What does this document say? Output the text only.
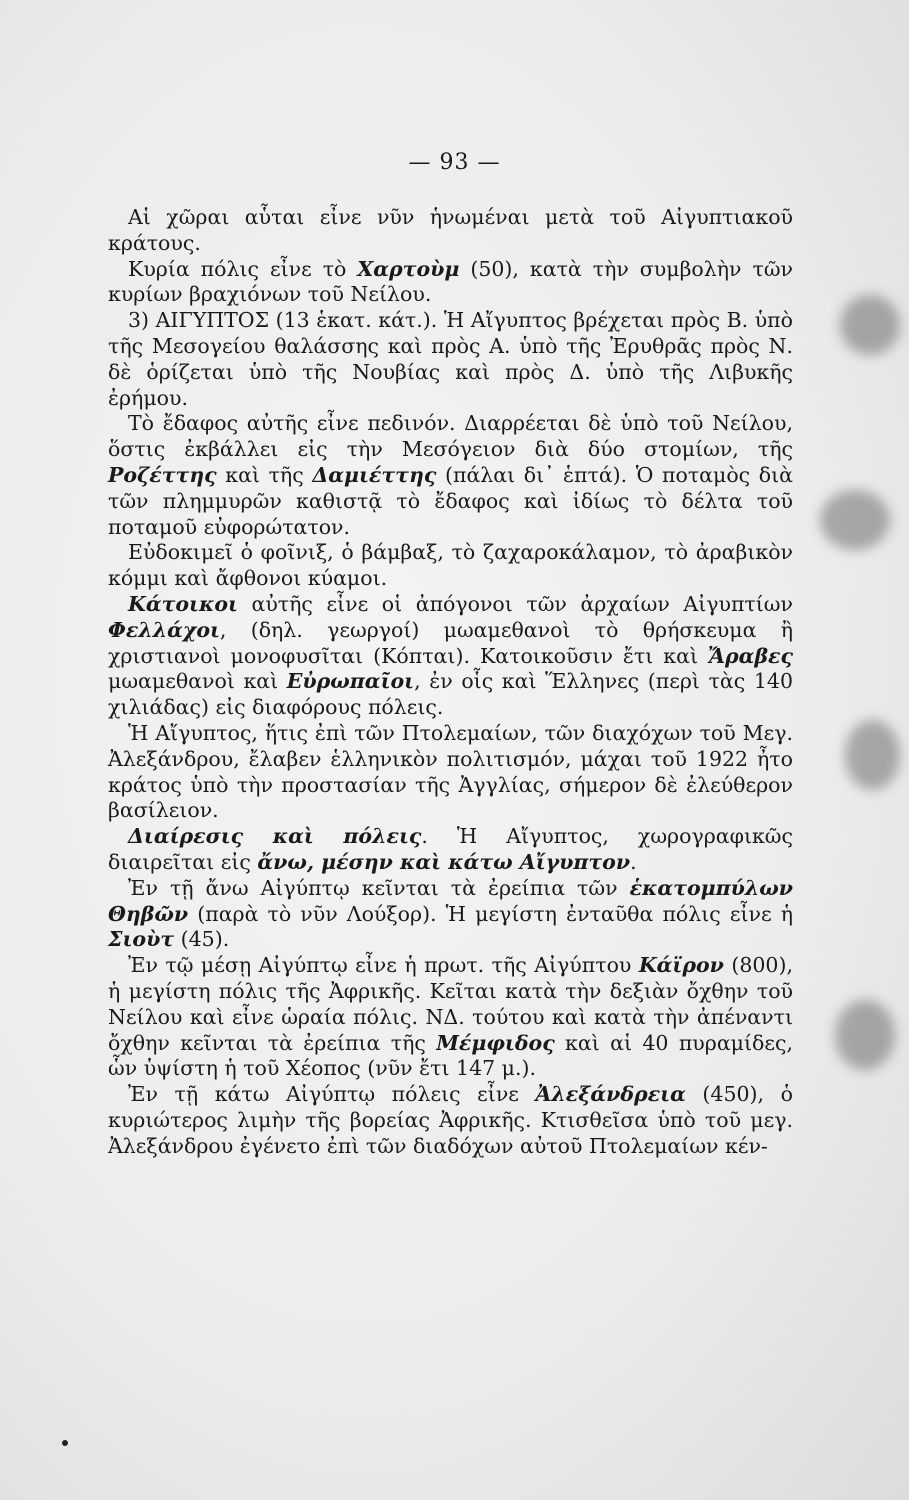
— 93 —

Αἱ χῶραι αὗται εἶνε νῦν ἡνωμέναι μετὰ τοῦ Αἰγυπτιακοῦ κράτους.

Κυρία πόλις εἶνε τὸ Χαρτοὺμ (50), κατὰ τὴν συμβολὴν τῶν κυρίων βραχιόνων τοῦ Νείλου.

3) ΑΙΓΥΠΤΟΣ (13 ἑκατ. κάτ.). Ἡ Αἴγυπτος βρέχεται πρὸς Β. ὑπὸ τῆς Μεσογείου θαλάσσης καὶ πρὸς Α. ὑπὸ τῆς Ἐρυθρᾶς πρὸς Ν. δὲ ὁρίζεται ὑπὸ τῆς Νουβίας καὶ πρὸς Δ. ὑπὸ τῆς Λιβυκῆς ἐρήμου.

Τὸ ἔδαφος αὐτῆς εἶνε πεδινόν. Διαρρέεται δὲ ὑπὸ τοῦ Νείλου, ὅστις ἐκβάλλει εἰς τὴν Μεσόγειον διὰ δύο στομίων, τῆς Ροζέττης καὶ τῆς Δαμιέττης (πάλαι δι᾽ ἑπτά). Ὁ ποταμὸς διὰ τῶν πλημμυρῶν καθιστᾷ τὸ ἔδαφος καὶ ἰδίως τὸ δέλτα τοῦ ποταμοῦ εὐφορώτατον.

Εὐδοκιμεῖ ὁ φοῖνιξ, ὁ βάμβαξ, τὸ ζαχαροκάλαμον, τὸ ἀραβικὸν κόμμι καὶ ἄφθονοι κύαμοι.

Κάτοικοι αὐτῆς εἶνε οἱ ἀπόγονοι τῶν ἀρχαίων Αἰγυπτίων Φελλάχοι, (δηλ. γεωργοί) μωαμεθανοὶ τὸ θρήσκευμα ἢ χριστιανοὶ μονοφυσῖται (Κόπται). Κατοικοῦσιν ἔτι καὶ Ἄραβες μωαμεθανοὶ καὶ Εὐρωπαῖοι, ἐν οἷς καὶ Ἕλληνες (περὶ τὰς 140 χιλιάδας) εἰς διαφόρους πόλεις.

Ἡ Αἴγυπτος, ἥτις ἐπὶ τῶν Πτολεμαίων, τῶν διαχόχων τοῦ Μεγ. Ἀλεξάνδρου, ἔλαβεν ἑλληνικὸν πολιτισμόν, μάχαι τοῦ 1922 ἦτο κράτος ὑπὸ τὴν προστασίαν τῆς Ἀγγλίας, σήμερον δὲ ἐλεύθερον βασίλειον.

Διαίρεσις καὶ πόλεις. Ἡ Αἴγυπτος, χωρογραφικῶς διαιρεῖται εἰς ἄνω, μέσην καὶ κάτω Αἴγυπτον.

Ἐν τῇ ἄνω Αἰγύπτῳ κεῖνται τὰ ἐρείπια τῶν ἑκατομπύλων Θηβῶν (παρὰ τὸ νῦν Λούξορ). Ἡ μεγίστη ἐνταῦθα πόλις εἶνε ἡ Σιοὺτ (45).

Ἐν τῷ μέσῃ Αἰγύπτῳ εἶνε ἡ πρωτ. τῆς Αἰγύπτου Κάϊρον (800), ἡ μεγίστη πόλις τῆς Ἀφρικῆς. Κεῖται κατὰ τὴν δεξιὰν ὄχθην τοῦ Νείλου καὶ εἶνε ὡραία πόλις. ΝΔ. τούτου καὶ κατὰ τὴν ἀπέναντι ὄχθην κεῖνται τὰ ἐρείπια τῆς Μέμφιδος καὶ αἱ 40 πυραμίδες, ὧν ὑψίστη ἡ τοῦ Χέοπος (νῦν ἔτι 147 μ.).

Ἐν τῇ κάτω Αἰγύπτῳ πόλεις εἶνε Ἀλεξάνδρεια (450), ὁ κυριώτερος λιμὴν τῆς βορείας Ἀφρικῆς. Κτισθεῖσα ὑπὸ τοῦ μεγ. Ἀλεξάνδρου ἐγένετο ἐπὶ τῶν διαδόχων αὐτοῦ Πτολεμαίων κέν-
